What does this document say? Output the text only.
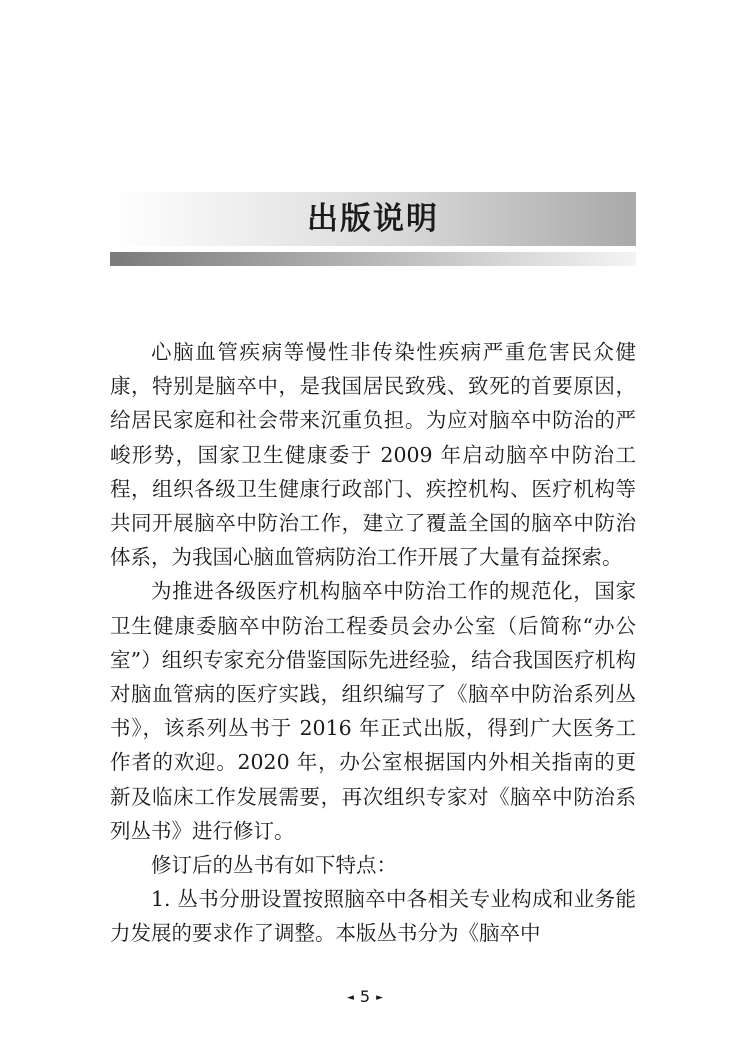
出版说明

心脑血管疾病等慢性非传染性疾病严重危害民众健康，特别是脑卒中，是我国居民致残、致死的首要原因，给居民家庭和社会带来沉重负担。为应对脑卒中防治的严峻形势，国家卫生健康委于 2009 年启动脑卒中防治工程，组织各级卫生健康行政部门、疾控机构、医疗机构等共同开展脑卒中防治工作，建立了覆盖全国的脑卒中防治体系，为我国心脑血管病防治工作开展了大量有益探索。

为推进各级医疗机构脑卒中防治工作的规范化，国家卫生健康委脑卒中防治工程委员会办公室（后简称“办公室”）组织专家充分借鉴国际先进经验，结合我国医疗机构对脑血管病的医疗实践，组织编写了《脑卒中防治系列丛书》，该系列丛书于 2016 年正式出版，得到广大医务工作者的欢迎。2020 年，办公室根据国内外相关指南的更新及临床工作发展需要，再次组织专家对《脑卒中防治系列丛书》进行修订。

修订后的丛书有如下特点：

1. 丛书分册设置按照脑卒中各相关专业构成和业务能力发展的要求作了调整。本版丛书分为《脑卒中

◄ 5 ►
